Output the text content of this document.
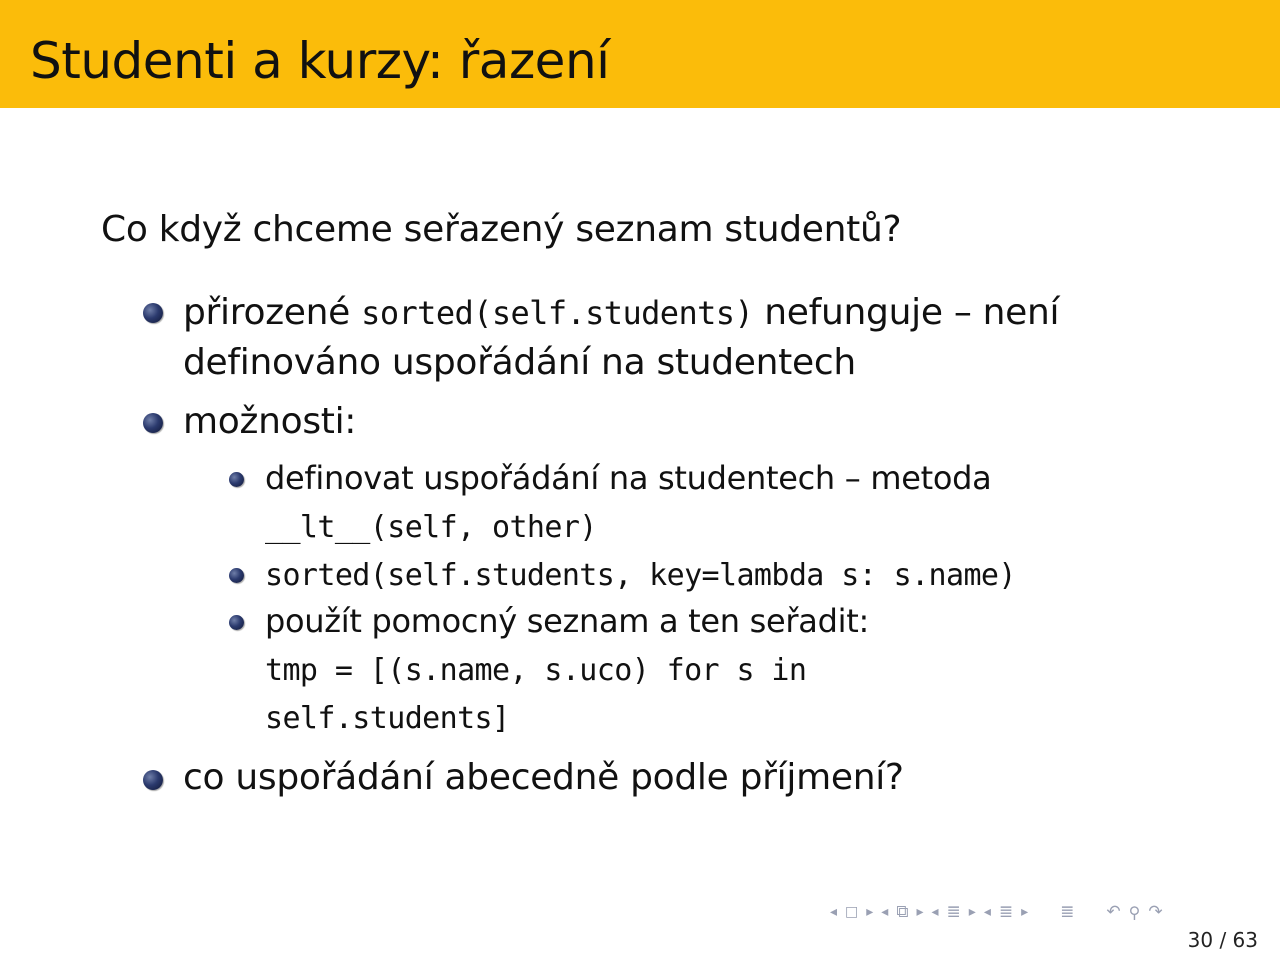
Studenti a kurzy: řazení
Co když chceme seřazený seznam studentů?
přirozené sorted(self.students) nefunguje – není
definováno uspořádání na studentech
možnosti:
definovat uspořádání na studentech – metoda
__lt__(self, other)
sorted(self.students, key=lambda s: s.name)
použít pomocný seznam a ten seřadit:
tmp = [(s.name, s.uco) for s in
self.students]
co uspořádání abecedně podle příjmení?
◂ □ ▸ ◂ ⧉ ▸ ◂ ≣ ▸ ◂ ≣ ▸ ≣ ↶ ⚲ ↷
30 / 63
